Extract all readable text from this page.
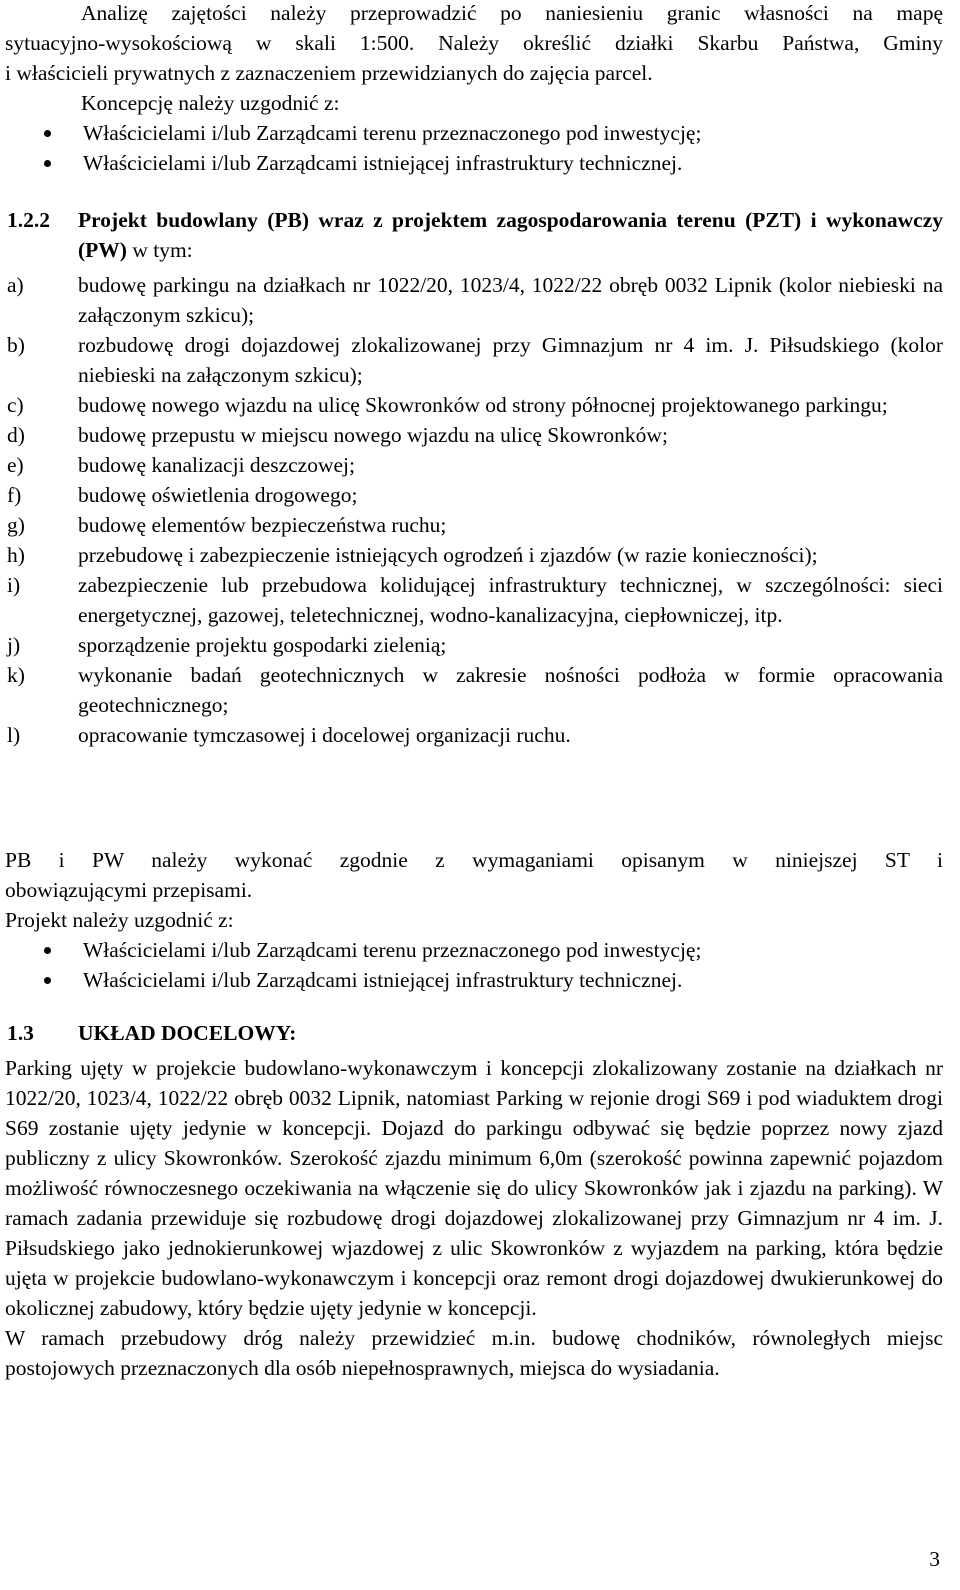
Analizę zajętości należy przeprowadzić po naniesieniu granic własności na mapę

sytuacyjno-wysokościową w skali 1:500. Należy określić działki Skarbu Państwa, Gminy

i właścicieli prywatnych z zaznaczeniem przewidzianych do zajęcia parcel.

Koncepcję należy uzgodnić z:

Właścicielami i/lub Zarządcami terenu przeznaczonego pod inwestycję;

Właścicielami i/lub Zarządcami istniejącej infrastruktury technicznej.

1.2.2 Projekt budowlany (PB) wraz z projektem zagospodarowania terenu (PZT) i wykonawczy (PW) w tym:

a)	budowę parkingu na działkach nr 1022/20, 1023/4, 1022/22 obręb 0032 Lipnik (kolor niebieski na załączonym szkicu);

b) rozbudowę drogi dojazdowej zlokalizowanej przy Gimnazjum nr 4 im. J. Piłsudskiego (kolor niebieski na załączonym szkicu);

c)	budowę nowego wjazdu na ulicę Skowronków od strony północnej projektowanego parkingu;

d) budowę przepustu w miejscu nowego wjazdu na ulicę Skowronków;

e)	budowę kanalizacji deszczowej;

f)	budowę oświetlenia drogowego;

g) budowę elementów bezpieczeństwa ruchu;

h) przebudowę i zabezpieczenie istniejących ogrodzeń i zjazdów (w razie konieczności);

i)	zabezpieczenie lub przebudowa kolidującej infrastruktury technicznej, w szczególności: sieci energetycznej, gazowej, teletechnicznej, wodno-kanalizacyjna, ciepłowniczej, itp.

j)	sporządzenie projektu gospodarki zielenią;

k) wykonanie badań geotechnicznych w zakresie nośności podłoża w formie opracowania geotechnicznego;

l)	opracowanie tymczasowej i docelowej organizacji ruchu.

PB i PW należy wykonać zgodnie z wymaganiami opisanym w niniejszej ST i

obowiązującymi przepisami.

Projekt należy uzgodnić z:

Właścicielami i/lub Zarządcami terenu przeznaczonego pod inwestycję;

Właścicielami i/lub Zarządcami istniejącej infrastruktury technicznej.

1.3 UKŁAD DOCELOWY:

Parking ujęty w projekcie budowlano-wykonawczym i koncepcji zlokalizowany zostanie na działkach nr 1022/20, 1023/4, 1022/22 obręb 0032 Lipnik, natomiast Parking w rejonie drogi S69 i pod wiaduktem drogi S69 zostanie ujęty jedynie w koncepcji. Dojazd do parkingu odbywać się będzie poprzez nowy zjazd publiczny z ulicy Skowronków. Szerokość zjazdu minimum 6,0m (szerokość powinna zapewnić pojazdom możliwość równoczesnego oczekiwania na włączenie się do ulicy Skowronków jak i zjazdu na parking). W ramach zadania przewiduje się rozbudowę drogi dojazdowej zlokalizowanej przy Gimnazjum nr 4 im. J. Piłsudskiego jako jednokierunkowej wjazdowej z ulic Skowronków z wyjazdem na parking, która będzie ujęta w projekcie budowlano-wykonawczym i koncepcji oraz remont drogi dojazdowej dwukierunkowej do okolicznej zabudowy, który będzie ujęty jedynie w koncepcji.

W ramach przebudowy dróg należy przewidzieć m.in. budowę chodników, równoległych miejsc postojowych przeznaczonych dla osób niepełnosprawnych, miejsca do wysiadania.

3
